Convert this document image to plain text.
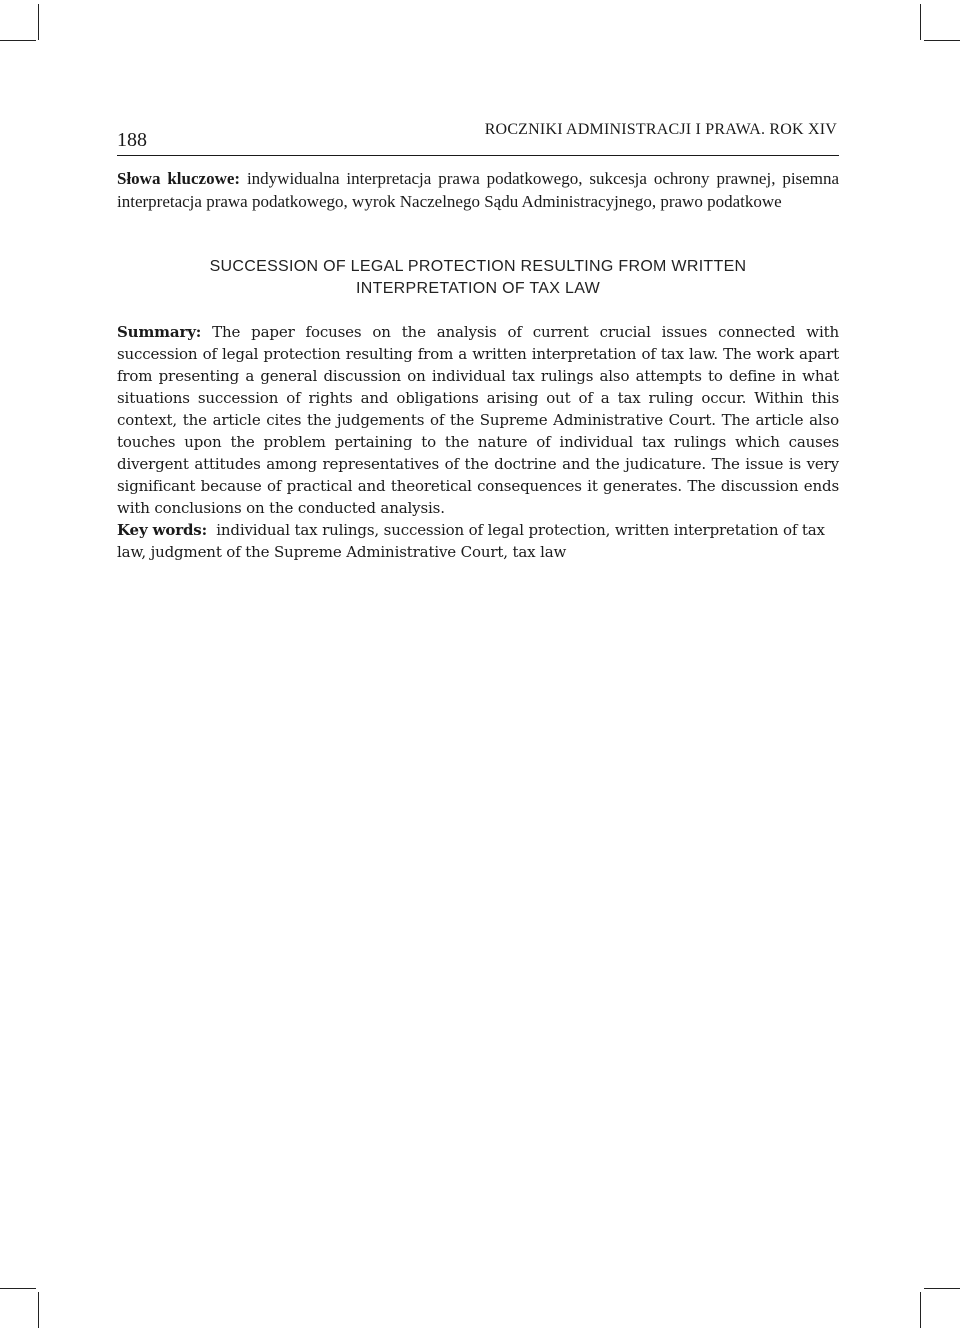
188	ROCZNIKI ADMINISTRACJI I PRAWA. ROK XIV
Słowa kluczowe: indywidualna interpretacja prawa podatkowego, sukcesja ochrony prawnej, pisemna interpretacja prawa podatkowego, wyrok Naczelnego Sądu Administracyjnego, prawo podatkowe
SUCCESSION OF LEGAL PROTECTION RESULTING FROM WRITTEN
INTERPRETATION OF TAX LAW
Summary: The paper focuses on the analysis of current crucial issues connected with succession of legal protection resulting from a written interpretation of tax law. The work apart from presenting a general discussion on individual tax rulings also attempts to define in what situations succession of rights and obligations arising out of a tax ruling occur. Within this context, the article cites the judgements of the Supreme Administrative Court. The article also touches upon the problem pertaining to the nature of individual tax rulings which causes divergent attitudes among representatives of the doctrine and the judicature. The issue is very significant because of practical and theoretical consequences it generates. The discussion ends with conclusions on the conducted analysis.
Key words:  individual tax rulings, succession of legal protection, written interpretation of tax law, judgment of the Supreme Administrative Court, tax law
